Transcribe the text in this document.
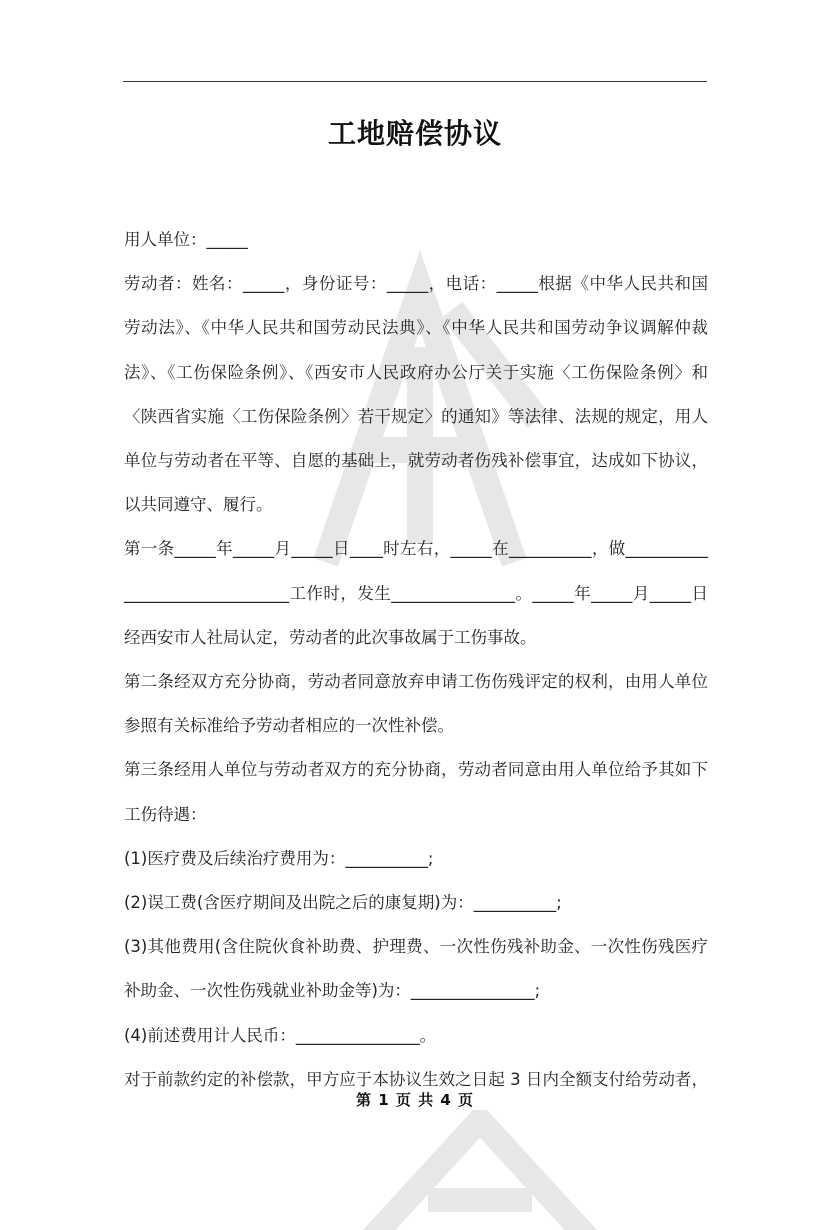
工地赔偿协议

用人单位：_____

劳动者：姓名：_____，身份证号：_____，电话：_____根据《中华人民共和国劳动法》、《中华人民共和国劳动民法典》、《中华人民共和国劳动争议调解仲裁法》、《工伤保险条例》、《西安市人民政府办公厅关于实施〈工伤保险条例〉和〈陕西省实施〈工伤保险条例〉若干规定〉的通知》等法律、法规的规定，用人单位与劳动者在平等、自愿的基础上，就劳动者伤残补偿事宜，达成如下协议，以共同遵守、履行。

第一条_____年_____月_____日____时左右，_____在__________，做______________________________工作时，发生_______________。_____年_____月_____日经西安市人社局认定，劳动者的此次事故属于工伤事故。

第二条经双方充分协商，劳动者同意放弃申请工伤伤残评定的权利，由用人单位参照有关标准给予劳动者相应的一次性补偿。

第三条经用人单位与劳动者双方的充分协商，劳动者同意由用人单位给予其如下工伤待遇：

(1)医疗费及后续治疗费用为：__________;

(2)误工费(含医疗期间及出院之后的康复期)为：__________;

(3)其他费用(含住院伙食补助费、护理费、一次性伤残补助金、一次性伤残医疗补助金、一次性伤残就业补助金等)为：_______________;

(4)前述费用计人民币：_______________。

对于前款约定的补偿款，甲方应于本协议生效之日起 3 日内全额支付给劳动者，

第 1 页 共 4 页
